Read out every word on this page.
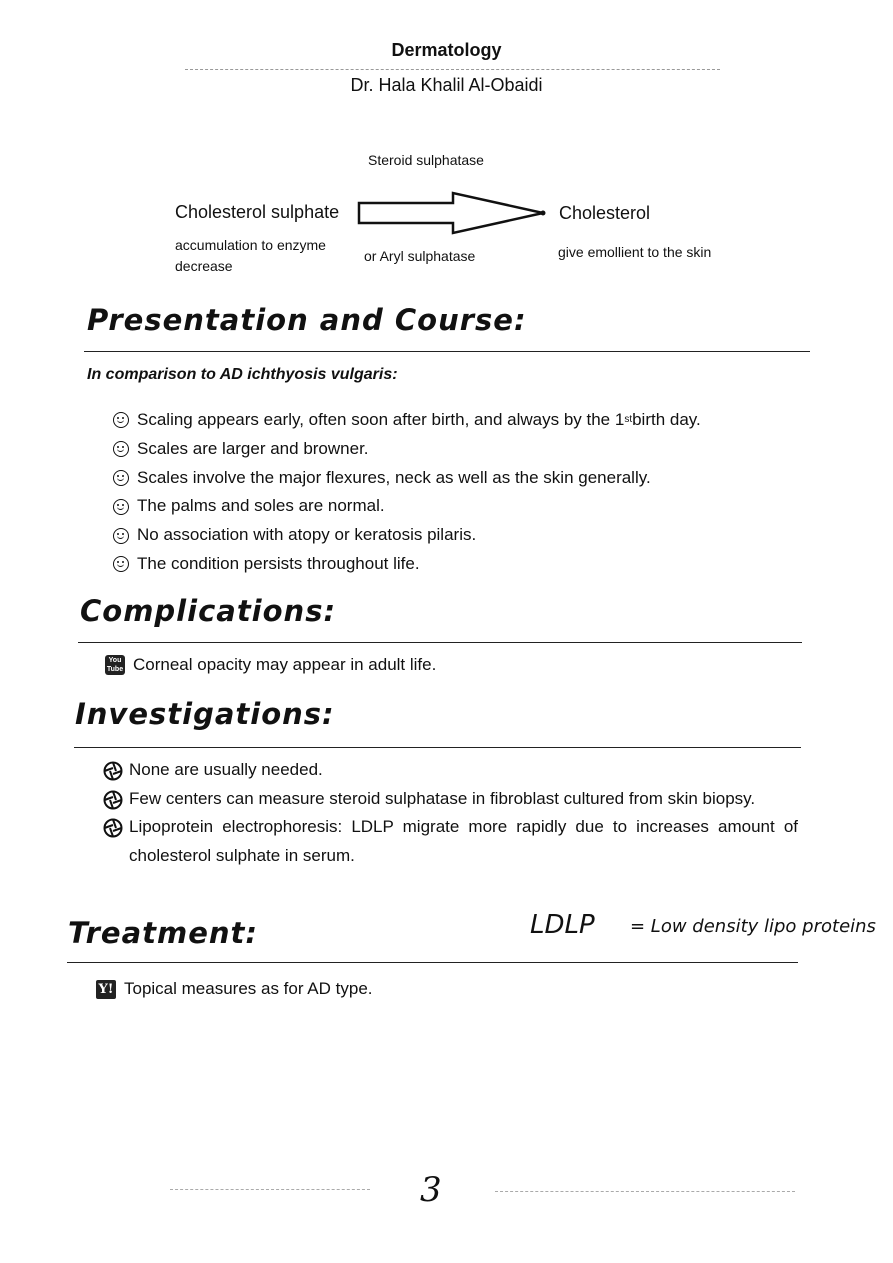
Dermatology
Dr. Hala Khalil Al-Obaidi
Steroid sulphatase
Cholesterol sulphate	Cholesterol
accumulation to enzyme decrease
or Aryl sulphatase	give emollient to the skin
Presentation and Course:
In comparison to AD ichthyosis vulgaris:
Scaling appears early, often soon after birth, and always by the 1 st birth day.
Scales are larger and browner.
Scales involve the major flexures, neck as well as the skin generally.
The palms and soles are normal.
No association with atopy or keratosis pilaris.
The condition persists throughout life.
Complications:
You Tube Corneal opacity may appear in adult life.
Investigations:
None are usually needed.
Few centers can measure steroid sulphatase in fibroblast cultured from skin biopsy.
Lipoprotein electrophoresis: LDLP migrate more rapidly due to increases amount of cholesterol sulphate in serum.
Treatment:	LDLP = Low density lipo proteins
Y! Topical measures as for AD type.
3
